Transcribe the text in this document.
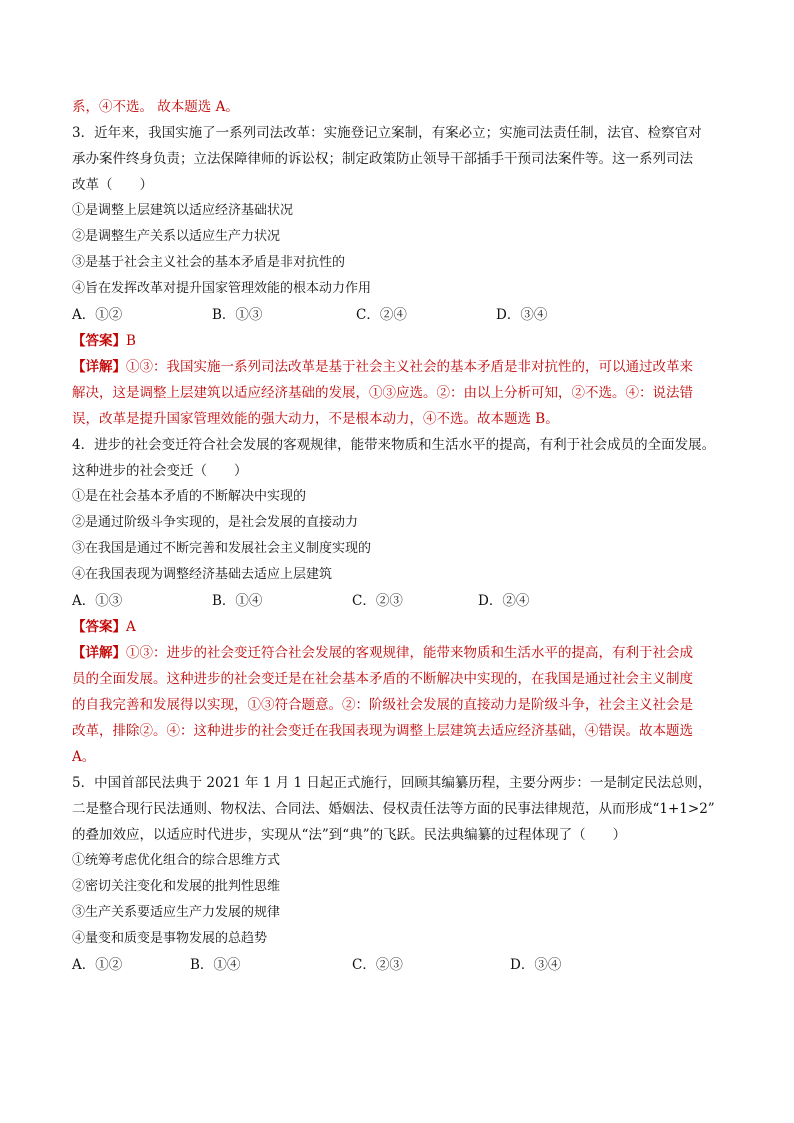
系，④不选。 故本题选 A。
3．近年来，我国实施了一系列司法改革：实施登记立案制，有案必立；实施司法责任制，法官、检察官对
承办案件终身负责；立法保障律师的诉讼权；制定政策防止领导干部插手干预司法案件等。这一系列司法
改革（　　）
①是调整上层建筑以适应经济基础状况
②是调整生产关系以适应生产力状况
③是基于社会主义社会的基本矛盾是非对抗性的
④旨在发挥改革对提升国家管理效能的根本动力作用
A．①②	B．①③	C．②④	D．③④
【答案】B
【详解】①③：我国实施一系列司法改革是基于社会主义社会的基本矛盾是非对抗性的，可以通过改革来
解决，这是调整上层建筑以适应经济基础的发展，①③应选。②：由以上分析可知，②不选。④：说法错
误，改革是提升国家管理效能的强大动力，不是根本动力，④不选。故本题选 B。
4．进步的社会变迁符合社会发展的客观规律，能带来物质和生活水平的提高，有利于社会成员的全面发展。
这种进步的社会变迁（　　）
①是在社会基本矛盾的不断解决中实现的
②是通过阶级斗争实现的，是社会发展的直接动力
③在我国是通过不断完善和发展社会主义制度实现的
④在我国表现为调整经济基础去适应上层建筑
A．①③	B．①④	C．②③	D．②④
【答案】A
【详解】①③：进步的社会变迁符合社会发展的客观规律，能带来物质和生活水平的提高，有利于社会成
员的全面发展。这种进步的社会变迁是在社会基本矛盾的不断解决中实现的，在我国是通过社会主义制度
的自我完善和发展得以实现，①③符合题意。②：阶级社会发展的直接动力是阶级斗争，社会主义社会是
改革，排除②。④：这种进步的社会变迁在我国表现为调整上层建筑去适应经济基础，④错误。故本题选
A。
5．中国首部民法典于 2021 年 1 月 1 日起正式施行，回顾其编纂历程，主要分两步：一是制定民法总则，
二是整合现行民法通则、物权法、合同法、婚姻法、侵权责任法等方面的民事法律规范，从而形成“1+1>2”
的叠加效应，以适应时代进步，实现从“法”到“典”的飞跃。民法典编纂的过程体现了（　　）
①统筹考虑优化组合的综合思维方式
②密切关注变化和发展的批判性思维
③生产关系要适应生产力发展的规律
④量变和质变是事物发展的总趋势
A．①②	B．①④	C．②③	D．③④
